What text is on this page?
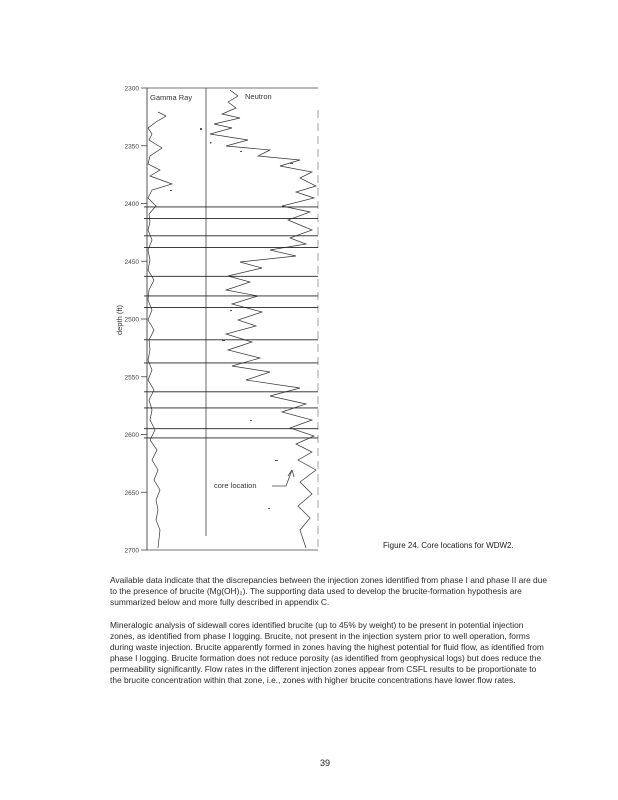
Gamma Ray	Neutron
depth (ft)
core location
2300
2350
2400
2450
2500
2550
2600
2650
2700
Figure 24. Core locations for WDW2.

Available data indicate that the discrepancies between the injection zones identified from phase I and phase II are due to the presence of brucite (Mg(OH)₂). The supporting data used to develop the brucite-formation hypothesis are summarized below and more fully described in appendix C.

Mineralogic analysis of sidewall cores identified brucite (up to 45% by weight) to be present in potential injection zones, as identified from phase I logging. Brucite, not present in the injection system prior to well operation, forms during waste injection. Brucite apparently formed in zones having the highest potential for fluid flow, as identified from phase I logging. Brucite formation does not reduce porosity (as identified from geophysical logs) but does reduce the permeability significantly. Flow rates in the different injection zones appear from CSFL results to be proportionate to the brucite concentration within that zone, i.e., zones with higher brucite concentrations have lower flow rates.

39
